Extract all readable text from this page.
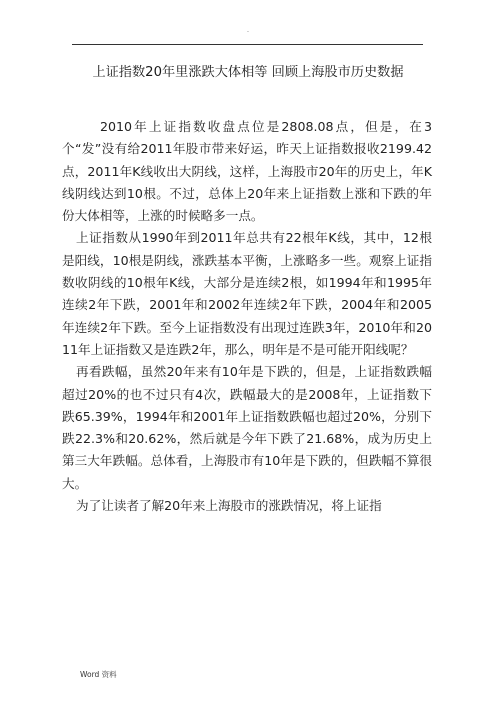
.
上证指数20年里涨跌大体相等 回顾上海股市历史数据

2010年上证指数收盘点位是2808.08点，但是，在3个“发”没有给2011年股市带来好运，昨天上证指数报收2199.42点，2011年K线收出大阴线，这样，上海股市20年的历史上，年K线阴线达到10根。不过，总体上20年来上证指数上涨和下跌的年份大体相等，上涨的时候略多一点。

上证指数从1990年到2011年总共有22根年K线，其中，12根是阳线，10根是阴线，涨跌基本平衡，上涨略多一些。观察上证指数收阴线的10根年K线，大部分是连续2根，如1994年和1995年连续2年下跌，2001年和2002年连续2年下跌，2004年和2005年连续2年下跌。至今上证指数没有出现过连跌3年，2010年和2011年上证指数又是连跌2年，那么，明年是不是可能开阳线呢？

再看跌幅，虽然20年来有10年是下跌的，但是，上证指数跌幅超过20%的也不过只有4次，跌幅最大的是2008年，上证指数下跌65.39%，1994年和2001年上证指数跌幅也超过20%，分别下跌22.3%和20.62%，然后就是今年下跌了21.68%，成为历史上第三大年跌幅。总体看，上海股市有10年是下跌的，但跌幅不算很大。

为了让读者了解20年来上海股市的涨跌情况，将上证指

Word 资料
